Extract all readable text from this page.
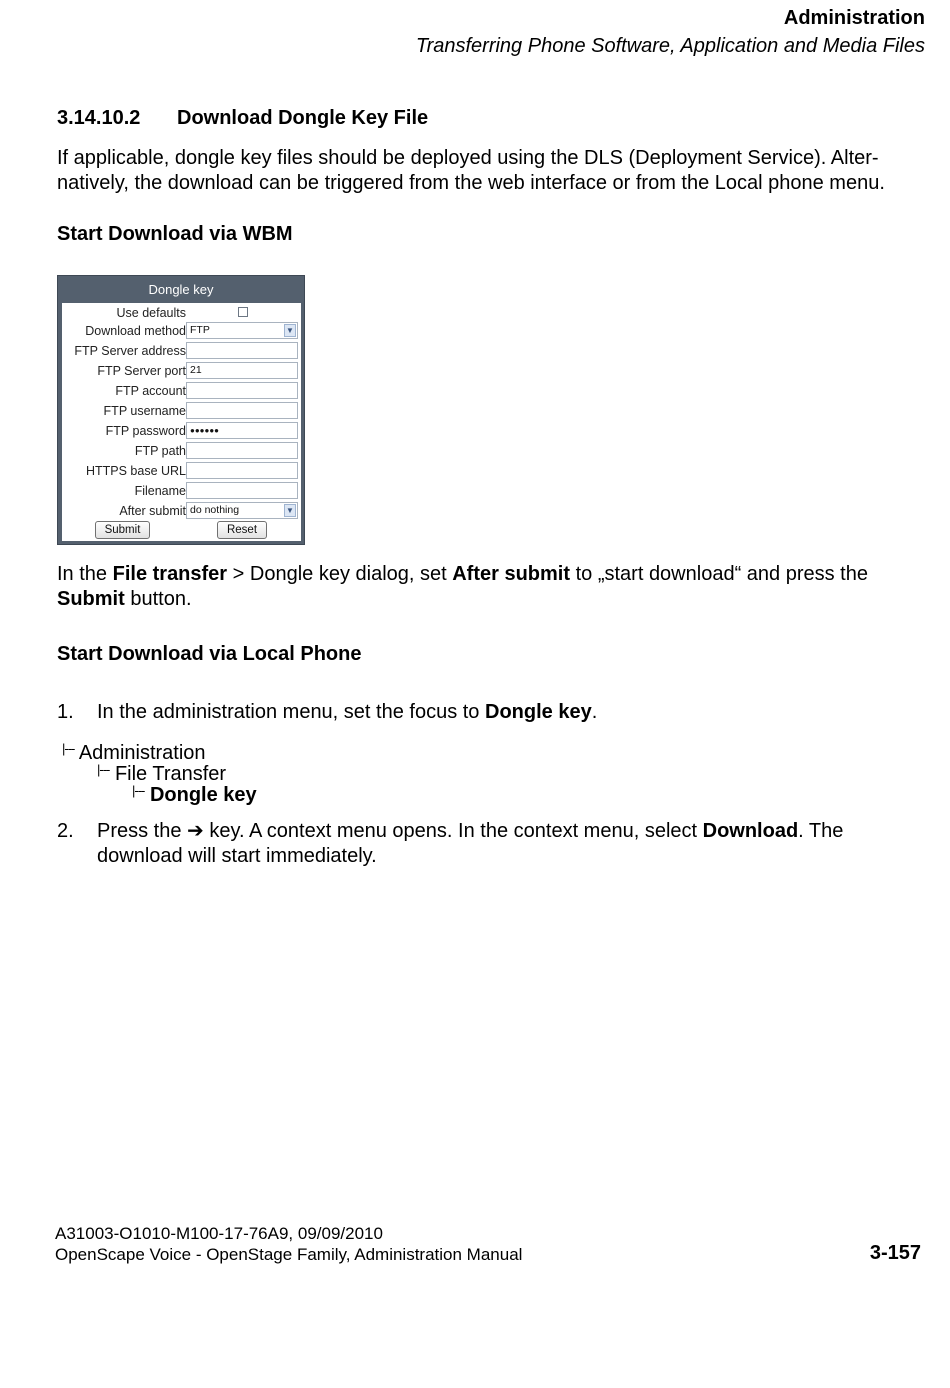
Administration
Transferring Phone Software, Application and Media Files
3.14.10.2 Download Dongle Key File
If applicable, dongle key files should be deployed using the DLS (Deployment Service). Alter-natively, the download can be triggered from the web interface or from the Local phone menu.
Start Download via WBM
Dongle key
Use defaults
Download method FTP	▼
FTP Server address
FTP Server port 21
FTP account
FTP username
FTP password ●●●●●●
FTP path
HTTPS base URL
Filename
After submit do nothing	▼
Submit	Reset
In the File transfer > Dongle key dialog, set After submit to „start download“ and press the Submit button.
Start Download via Local Phone
1. In the administration menu, set the focus to Dongle key.
|--- Administration
|--- File Transfer
|--- Dongle key
2. Press the ➔ key. A context menu opens. In the context menu, select Download. The download will start immediately.
A31003-O1010-M100-17-76A9, 09/09/2010
OpenScape Voice - OpenStage Family, Administration Manual	3-157
